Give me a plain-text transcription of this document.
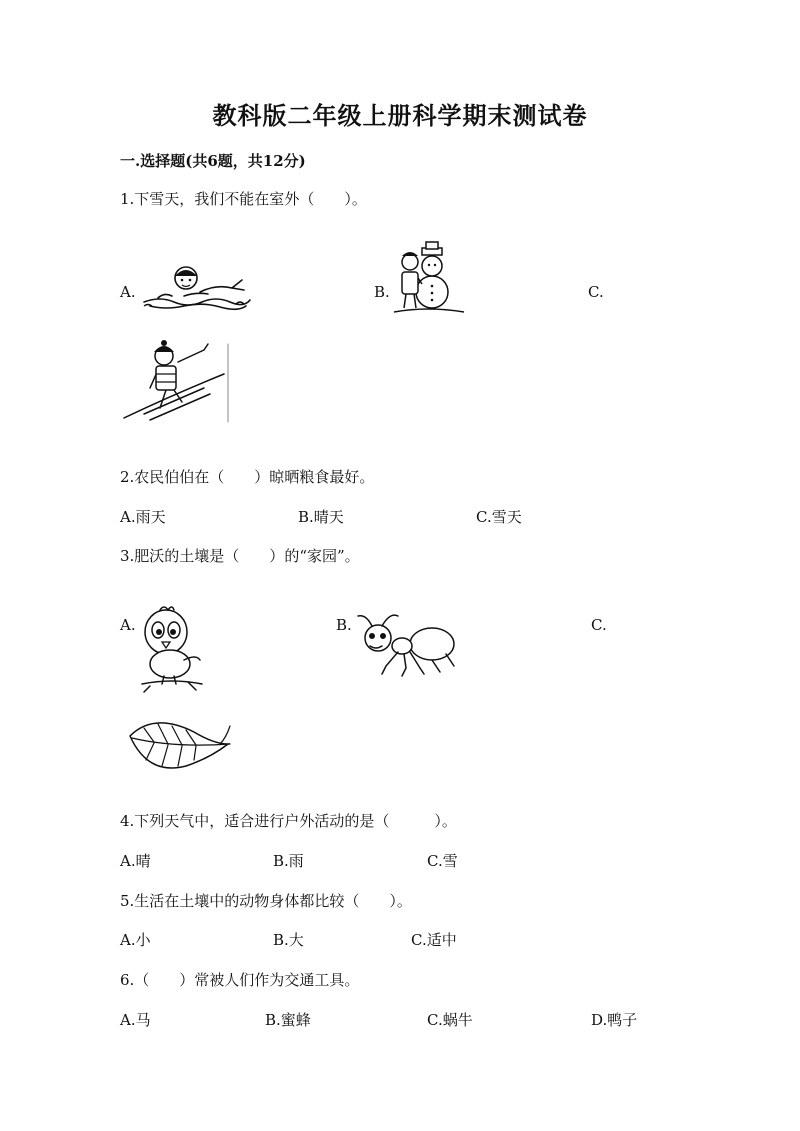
教科版二年级上册科学期末测试卷
一.选择题(共6题，共12分)
1.下雪天，我们不能在室外（　　）。
A.	B.	C.
2.农民伯伯在（　　）晾晒粮食最好。
A.雨天	B.晴天	C.雪天
3.肥沃的土壤是（　　）的“家园”。
A.	B.	C.
4.下列天气中，适合进行户外活动的是（　　　）。
A.晴	B.雨	C.雪
5.生活在土壤中的动物身体都比较（　　）。
A.小	B.大	C.适中
6.（　　）常被人们作为交通工具。
A.马	B.蜜蜂	C.蜗牛	D.鸭子
